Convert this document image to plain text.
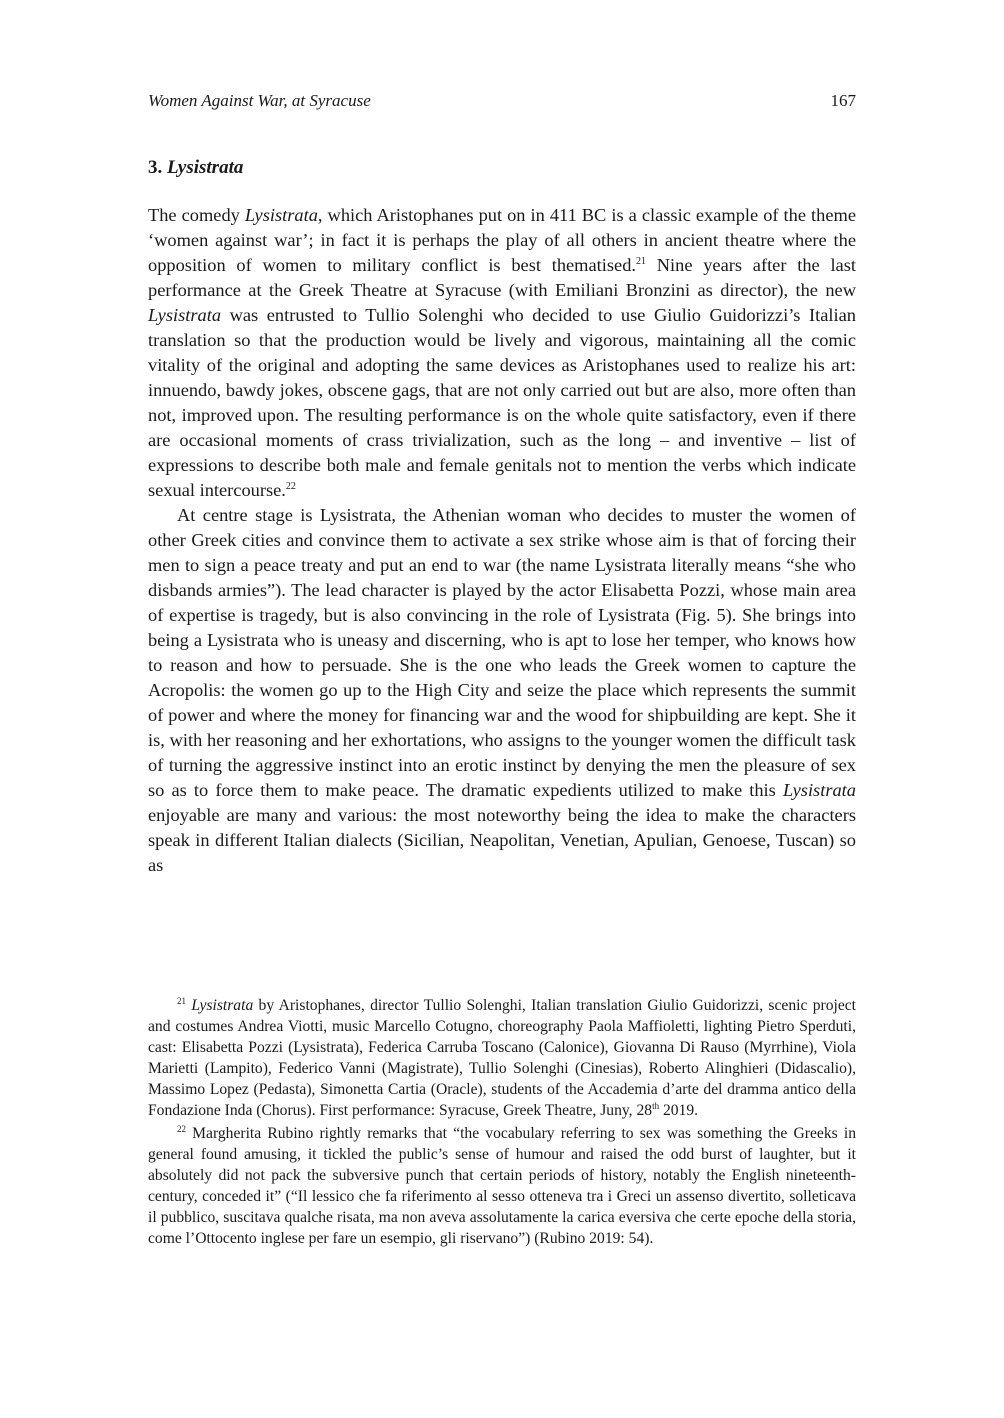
Women Against War, at Syracuse	167
3. Lysistrata

The comedy Lysistrata, which Aristophanes put on in 411 BC is a classic example of the theme ‘women against war’; in fact it is perhaps the play of all others in ancient theatre where the opposition of women to military conflict is best thematised.$^{21}$ Nine years after the last performance at the Greek Theatre at Syracuse (with Emiliani Bronzini as director), the new Lysistrata was entrusted to Tullio Solenghi who decided to use Giulio Guidorizzi’s Italian translation so that the production would be lively and vigorous, maintaining all the comic vitality of the original and adopting the same devices as Aristophanes used to realize his art: innuendo, bawdy jokes, obscene gags, that are not only carried out but are also, more often than not, improved upon. The resulting performance is on the whole quite satisfactory, even if there are occasional moments of crass trivialization, such as the long – and inventive – list of expressions to describe both male and female genitals not to mention the verbs which indicate sexual intercourse.$^{22}$

At centre stage is Lysistrata, the Athenian woman who decides to muster the women of other Greek cities and convince them to activate a sex strike whose aim is that of forcing their men to sign a peace treaty and put an end to war (the name Lysistrata literally means “she who disbands armies”). The lead character is played by the actor Elisabetta Pozzi, whose main area of expertise is tragedy, but is also convincing in the role of Lysistrata (Fig. 5). She brings into being a Lysistrata who is uneasy and discerning, who is apt to lose her temper, who knows how to reason and how to persuade. She is the one who leads the Greek women to capture the Acropolis: the women go up to the High City and seize the place which represents the summit of power and where the money for financing war and the wood for shipbuilding are kept. She it is, with her reasoning and her exhortations, who assigns to the younger women the difficult task of turning the aggressive instinct into an erotic instinct by denying the men the pleasure of sex so as to force them to make peace. The dramatic expedients utilized to make this Lysistrata enjoyable are many and various: the most noteworthy being the idea to make the characters speak in different Italian dialects (Sicilian, Neapolitan, Venetian, Apulian, Genoese, Tuscan) so as

$^{21}$ Lysistrata by Aristophanes, director Tullio Solenghi, Italian translation Giulio Guidorizzi, scenic project and costumes Andrea Viotti, music Marcello Cotugno, choreography Paola Maffioletti, lighting Pietro Sperduti, cast: Elisabetta Pozzi (Lysistrata), Federica Carruba Toscano (Calonice), Giovanna Di Rauso (Myrrhine), Viola Marietti (Lampito), Federico Vanni (Magistrate), Tullio Solenghi (Cinesias), Roberto Alinghieri (Didascalio), Massimo Lopez (Pedasta), Simonetta Cartia (Oracle), students of the Accademia d’arte del dramma antico della Fondazione Inda (Chorus). First performance: Syracuse, Greek Theatre, Juny, 28th 2019.

$^{22}$ Margherita Rubino rightly remarks that “the vocabulary referring to sex was something the Greeks in general found amusing, it tickled the public’s sense of humour and raised the odd burst of laughter, but it absolutely did not pack the subversive punch that certain periods of history, notably the English nineteenth-century, conceded it” (“Il lessico che fa riferimento al sesso otteneva tra i Greci un assenso divertito, solleticava il pubblico, suscitava qualche risata, ma non aveva assolutamente la carica eversiva che certe epoche della storia, come l’Ottocento inglese per fare un esempio, gli riservano”) (Rubino 2019: 54).
